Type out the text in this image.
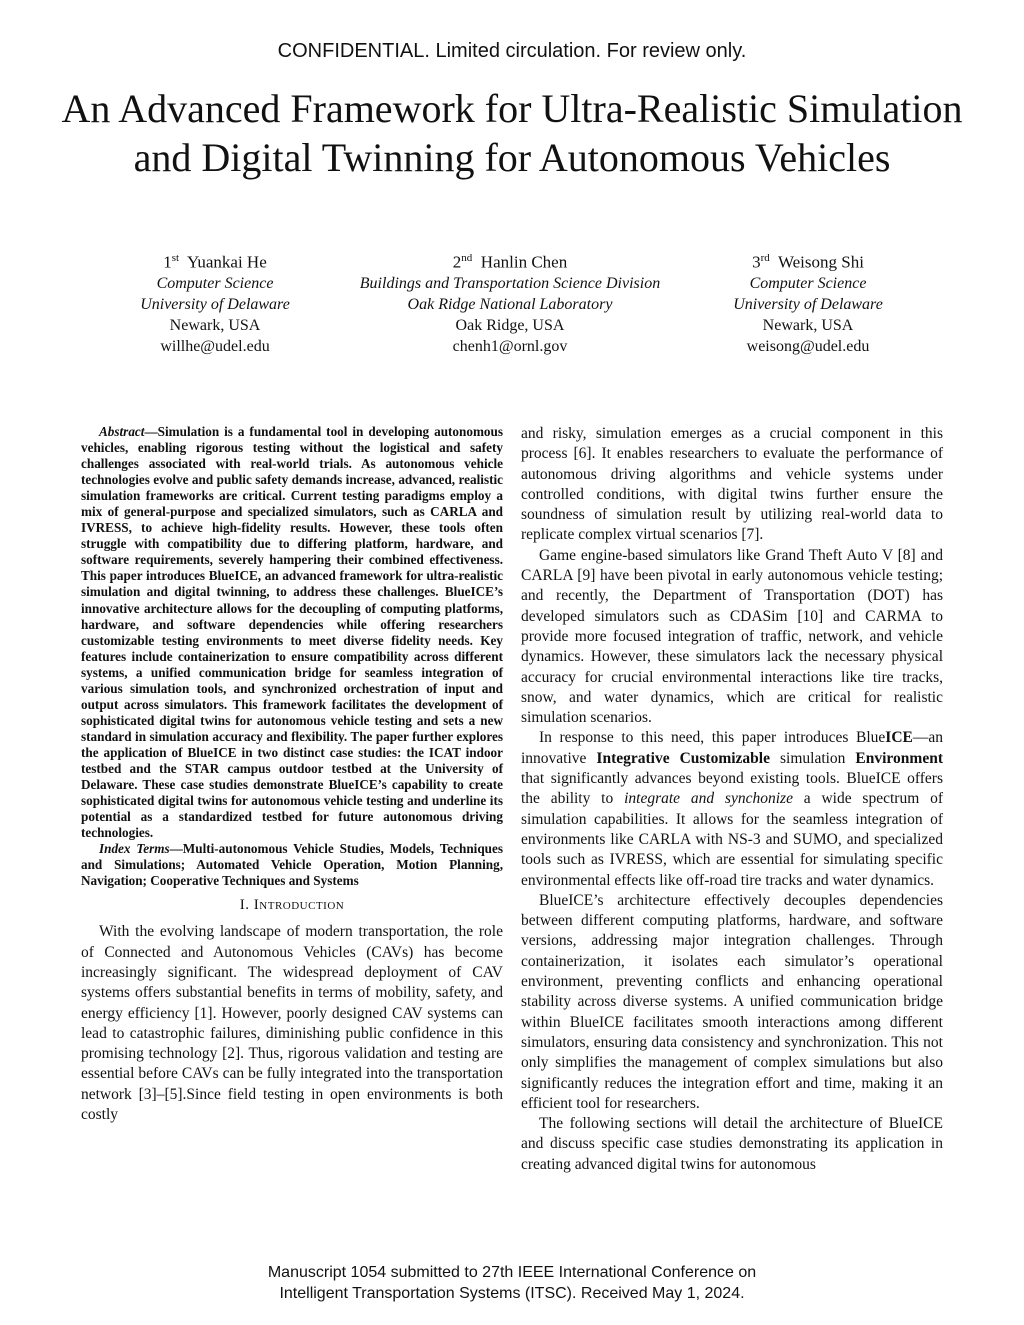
CONFIDENTIAL. Limited circulation. For review only.
An Advanced Framework for Ultra-Realistic Simulation and Digital Twinning for Autonomous Vehicles
1st Yuankai He
Computer Science
University of Delaware
Newark, USA
willhe@udel.edu
2nd Hanlin Chen
Buildings and Transportation Science Division
Oak Ridge National Laboratory
Oak Ridge, USA
chenh1@ornl.gov
3rd Weisong Shi
Computer Science
University of Delaware
Newark, USA
weisong@udel.edu

Abstract—Simulation is a fundamental tool in developing autonomous vehicles, enabling rigorous testing without the logistical and safety challenges associated with real-world trials. As autonomous vehicle technologies evolve and public safety demands increase, advanced, realistic simulation frameworks are critical. Current testing paradigms employ a mix of general-purpose and specialized simulators, such as CARLA and IVRESS, to achieve high-fidelity results. However, these tools often struggle with compatibility due to differing platform, hardware, and software requirements, severely hampering their combined effectiveness. This paper introduces BlueICE, an advanced framework for ultra-realistic simulation and digital twinning, to address these challenges. BlueICE’s innovative architecture allows for the decoupling of computing platforms, hardware, and software dependencies while offering researchers customizable testing environments to meet diverse fidelity needs. Key features include containerization to ensure compatibility across different systems, a unified communication bridge for seamless integration of various simulation tools, and synchronized orchestration of input and output across simulators. This framework facilitates the development of sophisticated digital twins for autonomous vehicle testing and sets a new standard in simulation accuracy and flexibility. The paper further explores the application of BlueICE in two distinct case studies: the ICAT indoor testbed and the STAR campus outdoor testbed at the University of Delaware. These case studies demonstrate BlueICE’s capability to create sophisticated digital twins for autonomous vehicle testing and underline its potential as a standardized testbed for future autonomous driving technologies.

Index Terms—Multi-autonomous Vehicle Studies, Models, Techniques and Simulations; Automated Vehicle Operation, Motion Planning, Navigation; Cooperative Techniques and Systems

I. Introduction

With the evolving landscape of modern transportation, the role of Connected and Autonomous Vehicles (CAVs) has become increasingly significant. The widespread deployment of CAV systems offers substantial benefits in terms of mobility, safety, and energy efficiency [1]. However, poorly designed CAV systems can lead to catastrophic failures, diminishing public confidence in this promising technology [2]. Thus, rigorous validation and testing are essential before CAVs can be fully integrated into the transportation network [3]–[5].Since field testing in open environments is both costly

and risky, simulation emerges as a crucial component in this process [6]. It enables researchers to evaluate the performance of autonomous driving algorithms and vehicle systems under controlled conditions, with digital twins further ensure the soundness of simulation result by utilizing real-world data to replicate complex virtual scenarios [7].

Game engine-based simulators like Grand Theft Auto V [8] and CARLA [9] have been pivotal in early autonomous vehicle testing; and recently, the Department of Transportation (DOT) has developed simulators such as CDASim [10] and CARMA to provide more focused integration of traffic, network, and vehicle dynamics. However, these simulators lack the necessary physical accuracy for crucial environmental interactions like tire tracks, snow, and water dynamics, which are critical for realistic simulation scenarios.

In response to this need, this paper introduces BlueICE—an innovative Integrative Customizable simulation Environment that significantly advances beyond existing tools. BlueICE offers the ability to integrate and synchonize a wide spectrum of simulation capabilities. It allows for the seamless integration of environments like CARLA with NS-3 and SUMO, and specialized tools such as IVRESS, which are essential for simulating specific environmental effects like off-road tire tracks and water dynamics.

BlueICE’s architecture effectively decouples dependencies between different computing platforms, hardware, and software versions, addressing major integration challenges. Through containerization, it isolates each simulator’s operational environment, preventing conflicts and enhancing operational stability across diverse systems. A unified communication bridge within BlueICE facilitates smooth interactions among different simulators, ensuring data consistency and synchronization. This not only simplifies the management of complex simulations but also significantly reduces the integration effort and time, making it an efficient tool for researchers.

The following sections will detail the architecture of BlueICE and discuss specific case studies demonstrating its application in creating advanced digital twins for autonomous

Manuscript 1054 submitted to 27th IEEE International Conference on
Intelligent Transportation Systems (ITSC). Received May 1, 2024.
